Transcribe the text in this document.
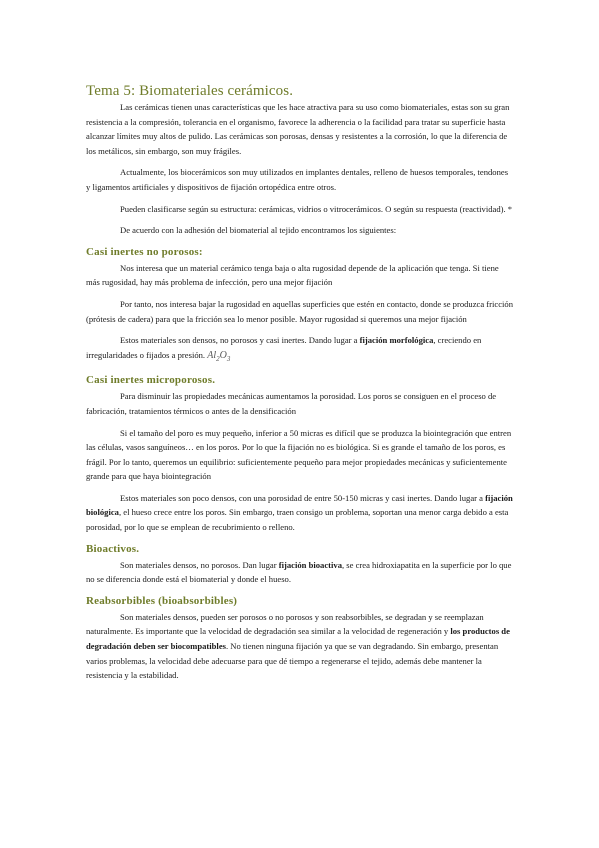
Tema 5: Biomateriales cerámicos.

Las cerámicas tienen unas características que les hace atractiva para su uso como biomateriales, estas son su gran resistencia a la compresión, tolerancia en el organismo, favorece la adherencia o la facilidad para tratar su superficie hasta alcanzar límites muy altos de pulido. Las cerámicas son porosas, densas y resistentes a la corrosión, lo que la diferencia de los metálicos, sin embargo, son muy frágiles.

Actualmente, los biocerámicos son muy utilizados en implantes dentales, relleno de huesos temporales, tendones y ligamentos artificiales y dispositivos de fijación ortopédica entre otros.

Pueden clasificarse según su estructura: cerámicas, vidrios o vitrocerámicos. O según su respuesta (reactividad). *

De acuerdo con la adhesión del biomaterial al tejido encontramos los siguientes:

Casi inertes no porosos:

Nos interesa que un material cerámico tenga baja o alta rugosidad depende de la aplicación que tenga. Si tiene más rugosidad, hay más problema de infección, pero una mejor fijación

Por tanto, nos interesa bajar la rugosidad en aquellas superficies que estén en contacto, donde se produzca fricción (prótesis de cadera) para que la fricción sea lo menor posible. Mayor rugosidad si queremos una mejor fijación

Estos materiales son densos, no porosos y casi inertes. Dando lugar a fijación morfológica, creciendo en irregularidades o fijados a presión. $Al_2O_3$

Casi inertes microporosos.

Para disminuir las propiedades mecánicas aumentamos la porosidad. Los poros se consiguen en el proceso de fabricación, tratamientos térmicos o antes de la densificación

Si el tamaño del poro es muy pequeño, inferior a 50 micras es difícil que se produzca la biointegración que entren las células, vasos sanguíneos… en los poros. Por lo que la fijación no es biológica. Si es grande el tamaño de los poros, es frágil. Por lo tanto, queremos un equilibrio: suficientemente pequeño para mejor propiedades mecánicas y suficientemente grande para que haya biointegración

Estos materiales son poco densos, con una porosidad de entre 50-150 micras y casi inertes. Dando lugar a fijación biológica, el hueso crece entre los poros. Sin embargo, traen consigo un problema, soportan una menor carga debido a esta porosidad, por lo que se emplean de recubrimiento o relleno.

Bioactivos.

Son materiales densos, no porosos. Dan lugar fijación bioactiva, se crea hidroxiapatita en la superficie por lo que no se diferencia donde está el biomaterial y donde el hueso.

Reabsorbibles (bioabsorbibles)

Son materiales densos, pueden ser porosos o no porosos y son reabsorbibles, se degradan y se reemplazan naturalmente. Es importante que la velocidad de degradación sea similar a la velocidad de regeneración y los productos de degradación deben ser biocompatibles. No tienen ninguna fijación ya que se van degradando. Sin embargo, presentan varios problemas, la velocidad debe adecuarse para que dé tiempo a regenerarse el tejido, además debe mantener la resistencia y la estabilidad.
